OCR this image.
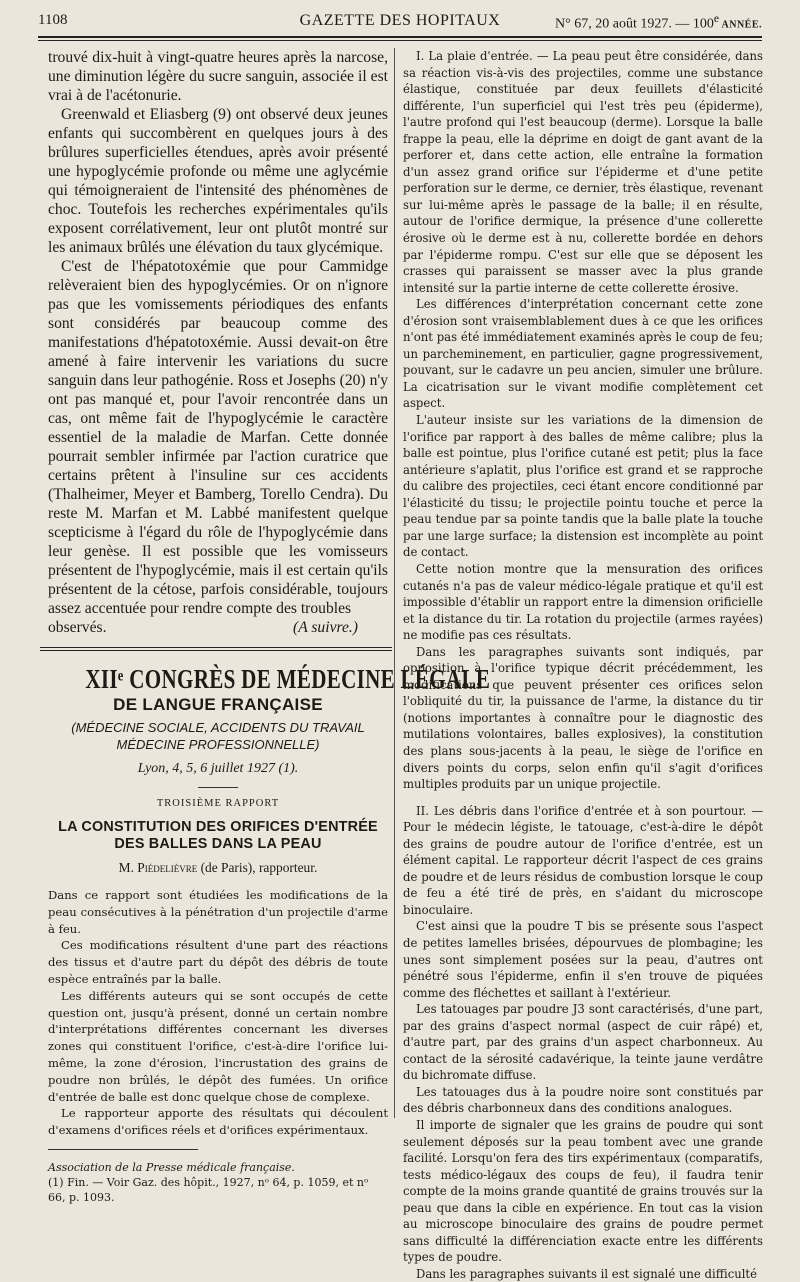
1108	GAZETTE DES HOPITAUX	N° 67, 20 août 1927. — 100e ANNÉE.

trouvé dix-huit à vingt-quatre heures après la narcose, une diminution légère du sucre sanguin, associée il est vrai à de l'acétonurie.

Greenwald et Eliasberg (9) ont observé deux jeunes enfants qui succombèrent en quelques jours à des brûlures superficielles étendues, après avoir présenté une hypoglycémie profonde ou même une aglycémie qui témoigneraient de l'intensité des phénomènes de choc. Toutefois les recherches expérimentales qu'ils exposent corrélativement, leur ont plutôt montré sur les animaux brûlés une élévation du taux glycémique.

C'est de l'hépatotoxémie que pour Cammidge relèveraient bien des hypoglycémies. Or on n'ignore pas que les vomissements périodiques des enfants sont considérés par beaucoup comme des manifestations d'hépatotoxémie. Aussi devait-on être amené à faire intervenir les variations du sucre sanguin dans leur pathogénie. Ross et Josephs (20) n'y ont pas manqué et, pour l'avoir rencontrée dans un cas, ont même fait de l'hypoglycémie le caractère essentiel de la maladie de Marfan. Cette donnée pourrait sembler infirmée par l'action curatrice que certains prêtent à l'insuline sur ces accidents (Thalheimer, Meyer et Bamberg, Torello Cendra). Du reste M. Marfan et M. Labbé manifestent quelque scepticisme à l'égard du rôle de l'hypoglycémie dans leur genèse. Il est possible que les vomisseurs présentent de l'hypoglycémie, mais il est certain qu'ils présentent de la cétose, parfois considérable, toujours assez accentuée pour rendre compte des troubles

observés.	(A suivre.)
XIIᵉ CONGRÈS DE MÉDECINE LÉGALE
DE LANGUE FRANÇAISE
(MÉDECINE SOCIALE, ACCIDENTS DU TRAVAIL MÉDECINE PROFESSIONNELLE)
Lyon, 4, 5, 6 juillet 1927 (1).
TROISIÈME RAPPORT
LA CONSTITUTION DES ORIFICES D'ENTRÉE DES BALLES DANS LA PEAU
M. Piédelièvre (de Paris), rapporteur.

Dans ce rapport sont étudiées les modifications de la peau consécutives à la pénétration d'un projectile d'arme à feu.

Ces modifications résultent d'une part des réactions des tissus et d'autre part du dépôt des débris de toute espèce entraînés par la balle.

Les différents auteurs qui se sont occupés de cette question ont, jusqu'à présent, donné un certain nombre d'interprétations différentes concernant les diverses zones qui constituent l'orifice, c'est-à-dire l'orifice lui-même, la zone d'érosion, l'incrustation des grains de poudre non brûlés, le dépôt des fumées. Un orifice d'entrée de balle est donc quelque chose de complexe.

Le rapporteur apporte des résultats qui découlent d'examens d'orifices réels et d'orifices expérimentaux.

Association de la Presse médicale française.
(1) Fin. — Voir Gaz. des hôpit., 1927, nᵒ 64, p. 1059, et nᵒ 66, p. 1093.

I. La plaie d'entrée. — La peau peut être considérée, dans sa réaction vis-à-vis des projectiles, comme une substance élastique, constituée par deux feuillets d'élasticité différente, l'un superficiel qui l'est très peu (épiderme), l'autre profond qui l'est beaucoup (derme). Lorsque la balle frappe la peau, elle la déprime en doigt de gant avant de la perforer et, dans cette action, elle entraîne la formation d'un assez grand orifice sur l'épiderme et d'une petite perforation sur le derme, ce dernier, très élastique, revenant sur lui-même après le passage de la balle; il en résulte, autour de l'orifice dermique, la présence d'une collerette érosive où le derme est à nu, collerette bordée en dehors par l'épiderme rompu. C'est sur elle que se déposent les crasses qui paraissent se masser avec la plus grande intensité sur la partie interne de cette collerette érosive.

Les différences d'interprétation concernant cette zone d'érosion sont vraisemblablement dues à ce que les orifices n'ont pas été immédiatement examinés après le coup de feu; un parcheminement, en particulier, gagne progressivement, pouvant, sur le cadavre un peu ancien, simuler une brûlure. La cicatrisation sur le vivant modifie complètement cet aspect.

L'auteur insiste sur les variations de la dimension de l'orifice par rapport à des balles de même calibre; plus la balle est pointue, plus l'orifice cutané est petit; plus la face antérieure s'aplatit, plus l'orifice est grand et se rapproche du calibre des projectiles, ceci étant encore conditionné par l'élasticité du tissu; le projectile pointu touche et perce la peau tendue par sa pointe tandis que la balle plate la touche par une large surface; la distension est incomplète au point de contact.

Cette notion montre que la mensuration des orifices cutanés n'a pas de valeur médico-légale pratique et qu'il est impossible d'établir un rapport entre la dimension orificielle et la distance du tir. La rotation du projectile (armes rayées) ne modifie pas ces résultats.

Dans les paragraphes suivants sont indiqués, par opposition à l'orifice typique décrit précédemment, les modifications que peuvent présenter ces orifices selon l'obliquité du tir, la puissance de l'arme, la distance du tir (notions importantes à connaître pour le diagnostic des mutilations volontaires, balles explosives), la constitution des plans sous-jacents à la peau, le siège de l'orifice en divers points du corps, selon enfin qu'il s'agit d'orifices multiples produits par un unique projectile.

II. Les débris dans l'orifice d'entrée et à son pourtour. — Pour le médecin légiste, le tatouage, c'est-à-dire le dépôt des grains de poudre autour de l'orifice d'entrée, est un élément capital. Le rapporteur décrit l'aspect de ces grains de poudre et de leurs résidus de combustion lorsque le coup de feu a été tiré de près, en s'aidant du microscope binoculaire.

C'est ainsi que la poudre T bis se présente sous l'aspect de petites lamelles brisées, dépourvues de plombagine; les unes sont simplement posées sur la peau, d'autres ont pénétré sous l'épiderme, enfin il s'en trouve de piquées comme des fléchettes et saillant à l'extérieur.

Les tatouages par poudre J3 sont caractérisés, d'une part, par des grains d'aspect normal (aspect de cuir râpé) et, d'autre part, par des grains d'un aspect charbonneux. Au contact de la sérosité cadavérique, la teinte jaune verdâtre du bichromate diffuse.

Les tatouages dus à la poudre noire sont constitués par des débris charbonneux dans des conditions analogues.

Il importe de signaler que les grains de poudre qui sont seulement déposés sur la peau tombent avec une grande facilité. Lorsqu'on fera des tirs expérimentaux (comparatifs, tests médico-légaux des coups de feu), il faudra tenir compte de la moins grande quantité de grains trouvés sur la peau que dans la cible en expérience. En tout cas la vision au microscope binoculaire des grains de poudre permet sans difficulté la différenciation exacte entre les différents types de poudre.

Dans les paragraphes suivants il est signalé une difficulté
